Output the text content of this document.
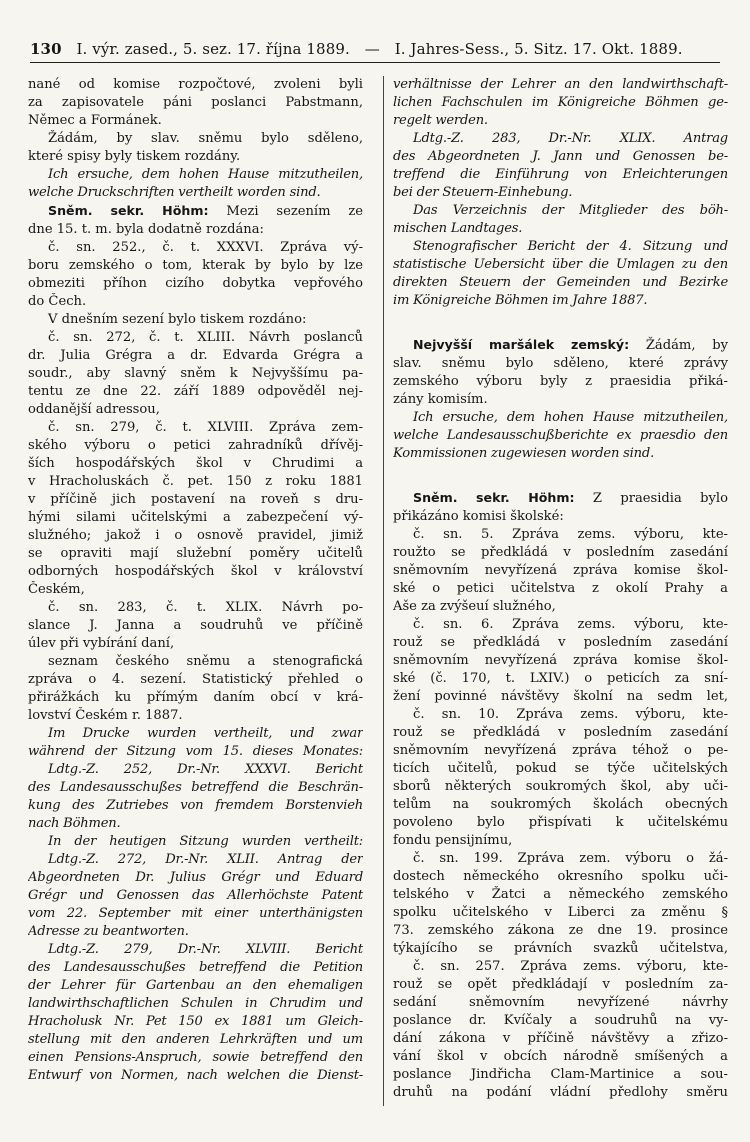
130 I. výr. zased., 5. sez. 17. října 1889. — I. Jahres-Sess., 5. Sitz. 17. Okt. 1889.
nané od komise rozpočtové, zvoleni byli
za zapisovatele páni poslanci Pabstmann,
Němec a Formánek.
Žádám, by slav. sněmu bylo sděleno,
které spisy byly tiskem rozdány.
Ich ersuche, dem hohen Hause mitzutheilen,
welche Druckschriften vertheilt worden sind.
Sněm. sekr. Höhm: Mezi sezením ze
dne 15. t. m. byla dodatně rozdána:
č. sn. 252., č. t. XXXVI. Zpráva vý-
boru zemského o tom, kterak by bylo by lze
obmeziti příhon cizího dobytka vepřového
do Čech.
V dnešním sezení bylo tiskem rozdáno:
č. sn. 272, č. t. XLIII. Návrh poslanců
dr. Julia Grégra a dr. Edvarda Grégra a
soudr., aby slavný sněm k Nejvyššímu pa-
tentu ze dne 22. září 1889 odpověděl nej-
oddanější adressou,
č. sn. 279, č. t. XLVIII. Zpráva zem-
ského výboru o petici zahradníků dřívěj-
ších hospodářských škol v Chrudimi a
v Hracholuskách č. pet. 150 z roku 1881
v příčině jich postavení na roveň s dru-
hými silami učitelskými a zabezpečení vý-
služného; jakož i o osnově pravidel, jimiž
se opraviti mají služební poměry učitelů
odborných hospodářských škol v království
Českém,
č. sn. 283, č. t. XLIX. Návrh po-
slance J. Janna a soudruhů ve příčině
úlev při vybírání daní,
seznam českého sněmu a stenografická
zpráva o 4. sezení. Statistický přehled o
přirážkách ku přímým daním obcí v krá-
lovství Českém r. 1887.
Im Drucke wurden vertheilt, und zwar
während der Sitzung vom 15. dieses Monates:
Ldtg.-Z. 252, Dr.-Nr. XXXVI. Bericht
des Landesausschußes betreffend die Beschrän-
kung des Zutriebes von fremdem Borstenvieh
nach Böhmen.
In der heutigen Sitzung wurden vertheilt:
Ldtg.-Z. 272, Dr.-Nr. XLII. Antrag der
Abgeordneten Dr. Julius Grégr und Eduard
Grégr und Genossen das Allerhöchste Patent
vom 22. September mit einer unterthänigsten
Adresse zu beantworten.
Ldtg.-Z. 279, Dr.-Nr. XLVIII. Bericht
des Landesausschußes betreffend die Petition
der Lehrer für Gartenbau an den ehemaligen
landwirthschaftlichen Schulen in Chrudim und
Hracholusk Nr. Pet 150 ex 1881 um Gleich-
stellung mit den anderen Lehrkräften und um
einen Pensions-Anspruch, sowie betreffend den
Entwurf von Normen, nach welchen die Dienst-
verhältnisse der Lehrer an den landwirthschaft-
lichen Fachschulen im Königreiche Böhmen ge-
regelt werden.
Ldtg.-Z. 283, Dr.-Nr. XLIX. Antrag
des Abgeordneten J. Jann und Genossen be-
treffend die Einführung von Erleichterungen
bei der Steuern-Einhebung.
Das Verzeichnis der Mitglieder des böh-
mischen Landtages.
Stenografischer Bericht der 4. Sitzung und
statistische Uebersicht über die Umlagen zu den
direkten Steuern der Gemeinden und Bezirke
im Königreiche Böhmen im Jahre 1887.
Nejvyšší maršálek zemský: Žádám, by
slav. sněmu bylo sděleno, které zprávy
zemského výboru byly z praesidia přiká-
zány komisím.
Ich ersuche, dem hohen Hause mitzutheilen,
welche Landesausschußberichte ex praesdio den
Kommissionen zugewiesen worden sind.
Sněm. sekr. Höhm: Z praesidia bylo
přikázáno komisi školské:
č. sn. 5. Zpráva zems. výboru, kte-
roužto se předkládá v posledním zasedání
sněmovním nevyřízená zpráva komise škol-
ské o petici učitelstva z okolí Prahy a
Aše za zvýšeuí služného,
č. sn. 6. Zpráva zems. výboru, kte-
rouž se předkládá v posledním zasedání
sněmovním nevyřízená zpráva komise škol-
ské (č. 170, t. LXIV.) o peticích za sní-
žení povinné návštěvy školní na sedm let,
č. sn. 10. Zpráva zems. výboru, kte-
rouž se předkládá v posledním zasedání
sněmovním nevyřízená zpráva téhož o pe-
ticích učitelů, pokud se týče učitelských
sborů některých soukromých škol, aby uči-
telům na soukromých školách obecných
povoleno bylo přispívati k učitelskému
fondu pensijnímu,
č. sn. 199. Zpráva zem. výboru o žá-
dostech německého okresního spolku uči-
telského v Žatci a německého zemského
spolku učitelského v Liberci za změnu §
73. zemského zákona ze dne 19. prosince
týkajícího se právních svazků učitelstva,
č. sn. 257. Zpráva zems. výboru, kte-
rouž se opět předkládají v posledním za-
sedání sněmovním nevyřízené návrhy
poslance dr. Kvíčaly a soudruhů na vy-
dání zákona v příčině návštěvy a zřizo-
vání škol v obcích národně smíšených a
poslance Jindřicha Clam-Martinice a sou-
druhů na podání vládní předlohy směru
